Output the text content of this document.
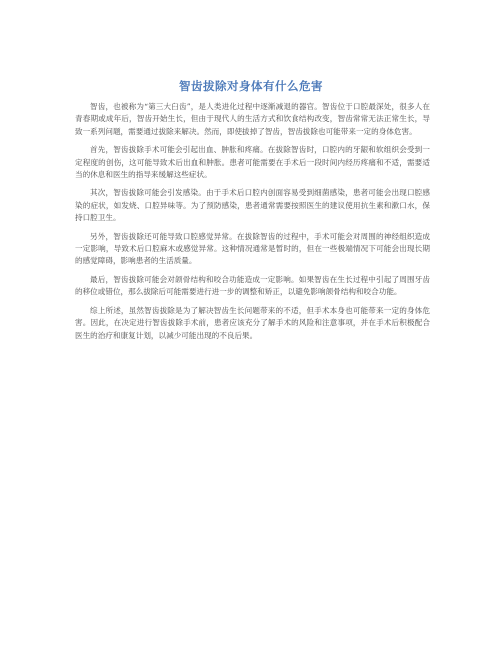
智齿拔除对身体有什么危害

智齿，也被称为“第三大臼齿”，是人类进化过程中逐渐减退的器官。智齿位于口腔最深处，很多人在青春期或成年后，智齿开始生长，但由于现代人的生活方式和饮食结构改变，智齿常常无法正常生长，导致一系列问题，需要通过拔除来解决。然而，即使拔掉了智齿，智齿拔除也可能带来一定的身体危害。

首先，智齿拔除手术可能会引起出血、肿胀和疼痛。在拔除智齿时，口腔内的牙龈和软组织会受到一定程度的创伤，这可能导致术后出血和肿胀。患者可能需要在手术后一段时间内经历疼痛和不适，需要适当的休息和医生的指导来缓解这些症状。

其次，智齿拔除可能会引发感染。由于手术后口腔内创面容易受到细菌感染，患者可能会出现口腔感染的症状，如发烧、口腔异味等。为了预防感染，患者通常需要按照医生的建议使用抗生素和漱口水，保持口腔卫生。

另外，智齿拔除还可能导致口腔感觉异常。在拔除智齿的过程中，手术可能会对周围的神经组织造成一定影响，导致术后口腔麻木或感觉异常。这种情况通常是暂时的，但在一些极端情况下可能会出现长期的感觉障碍，影响患者的生活质量。

最后，智齿拔除可能会对颌骨结构和咬合功能造成一定影响。如果智齿在生长过程中引起了周围牙齿的移位或错位，那么拔除后可能需要进行进一步的调整和矫正，以避免影响颌骨结构和咬合功能。

综上所述，虽然智齿拔除是为了解决智齿生长问题带来的不适，但手术本身也可能带来一定的身体危害。因此，在决定进行智齿拔除手术前，患者应该充分了解手术的风险和注意事项，并在手术后积极配合医生的治疗和康复计划，以减少可能出现的不良后果。
